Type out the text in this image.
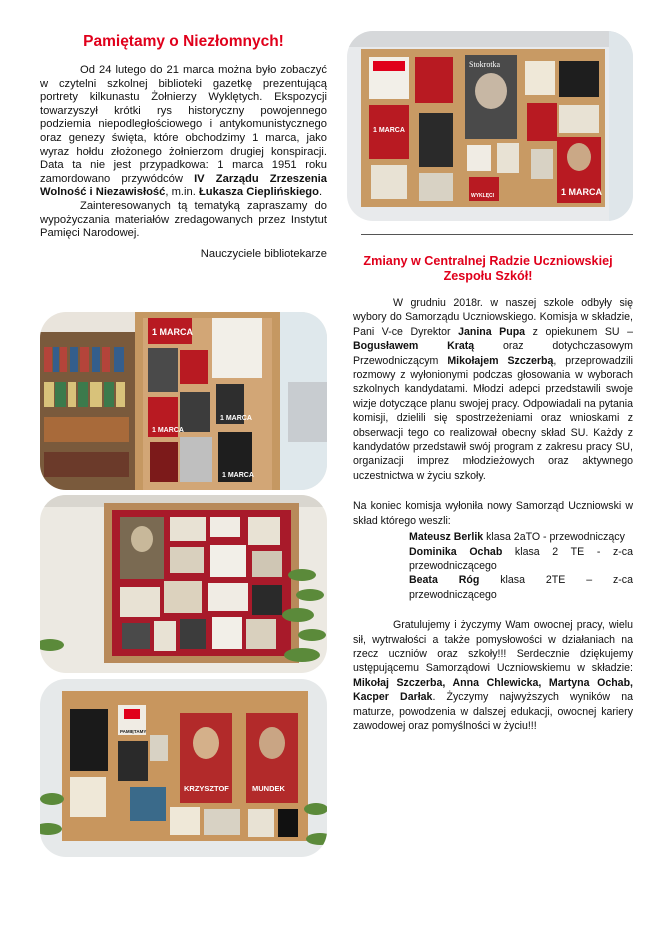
Pamiętamy o Niezłomnych!

Od 24 lutego do 21 marca można było zobaczyć w czytelni szkolnej biblioteki gazetkę prezentującą portrety kilkunastu Żołnierzy Wyklętych. Ekspozycji towarzyszył krótki rys historyczny powojennego podziemia niepodległościowego i antykomunistycznego oraz genezy święta, które obchodzimy 1 marca, jako wyraz hołdu złożonego żołnierzom drugiej konspiracji. Data ta nie jest przypadkowa: 1 marca 1951 roku zamordowano przywódców IV Zarządu Zrzeszenia Wolność i Niezawisłość, m.in. Łukasza Cieplińskiego.

Zainteresowanych tą tematyką zapraszamy do wypożyczania materiałów zredagowanych przez Instytut Pamięci Narodowej.

Nauczyciele bibliotekarze
1 MARCA
1 MARCA
1 MARCA
1 MARCA
KRZYSZTOF	MUNDEK
PAMIĘTAMY
1 MARCA
1 MARCA
Stokrotka
WYKLĘCI
Zmiany w Centralnej Radzie Uczniowskiej
Zespołu Szkół!

W grudniu 2018r. w naszej szkole odbyły się wybory do Samorządu Uczniowskiego. Komisja w składzie, Pani V-ce Dyrektor Janina Pupa z opiekunem SU – Bogusławem Kratą oraz dotychczasowym Przewodniczącym Mikołajem Szczerbą, przeprowadzili rozmowy z wyłonionymi podczas głosowania w wyborach szkolnych kandydatami. Młodzi adepci przedstawili swoje wizje dotyczące planu swojej pracy. Odpowiadali na pytania komisji, dzielili się spostrzeżeniami oraz wnioskami z obserwacji tego co realizował obecny skład SU. Każdy z kandydatów przedstawił swój program z zakresu pracy SU, organizacji imprez młodzieżowych oraz aktywnego uczestnictwa w życiu szkoły.

Na koniec komisja wyłoniła nowy Samorząd Uczniowski w skład którego weszli:

Mateusz Berlik klasa 2aTO - przewodniczący
Dominika Ochab klasa 2 TE - z-ca przewodniczącego
Beata Róg klasa 2TE – z-ca przewodniczącego

Gratulujemy i życzymy Wam owocnej pracy, wielu sił, wytrwałości a także pomysłowości w działaniach na rzecz uczniów oraz szkoły!!! Serdecznie dziękujemy ustępującemu Samorządowi Uczniowskiemu w składzie: Mikołaj Szczerba, Anna Chlewicka, Martyna Ochab, Kacper Darłak. Życzymy najwyższych wyników na maturze, powodzenia w dalszej edukacji, owocnej kariery zawodowej oraz pomyślności w życiu!!!
